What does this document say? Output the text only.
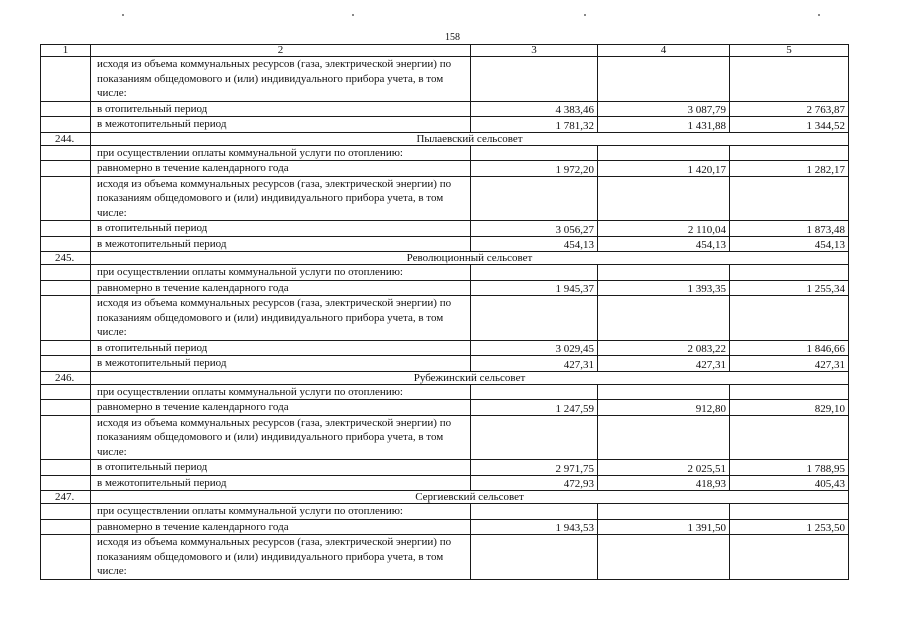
158
1	2	3	4	5
	исходя из объема коммунальных ресурсов (газа, электрической энергии) по показаниям общедомового и (или) индивидуального прибора учета, в том числе:			
	в отопительный период	4 383,46	3 087,79	2 763,87
	в межотопительный период	1 781,32	1 431,88	1 344,52
244.	Пылаевский сельсовет			
	при осуществлении оплаты коммунальной услуги по отоплению:			
	равномерно в течение календарного года	1 972,20	1 420,17	1 282,17
	исходя из объема коммунальных ресурсов (газа, электрической энергии) по показаниям общедомового и (или) индивидуального прибора учета, в том числе:			
	в отопительный период	3 056,27	2 110,04	1 873,48
	в межотопительный период	454,13	454,13	454,13
245.	Революционный сельсовет			
	при осуществлении оплаты коммунальной услуги по отоплению:			
	равномерно в течение календарного года	1 945,37	1 393,35	1 255,34
	исходя из объема коммунальных ресурсов (газа, электрической энергии) по показаниям общедомового и (или) индивидуального прибора учета, в том числе:			
	в отопительный период	3 029,45	2 083,22	1 846,66
	в межотопительный период	427,31	427,31	427,31
246.	Рубежинский сельсовет			
	при осуществлении оплаты коммунальной услуги по отоплению:			
	равномерно в течение календарного года	1 247,59	912,80	829,10
	исходя из объема коммунальных ресурсов (газа, электрической энергии) по показаниям общедомового и (или) индивидуального прибора учета, в том числе:			
	в отопительный период	2 971,75	2 025,51	1 788,95
	в межотопительный период	472,93	418,93	405,43
247.	Сергиевский сельсовет			
	при осуществлении оплаты коммунальной услуги по отоплению:			
	равномерно в течение календарного года	1 943,53	1 391,50	1 253,50
	исходя из объема коммунальных ресурсов (газа, электрической энергии) по показаниям общедомового и (или) индивидуального прибора учета, в том числе:			
